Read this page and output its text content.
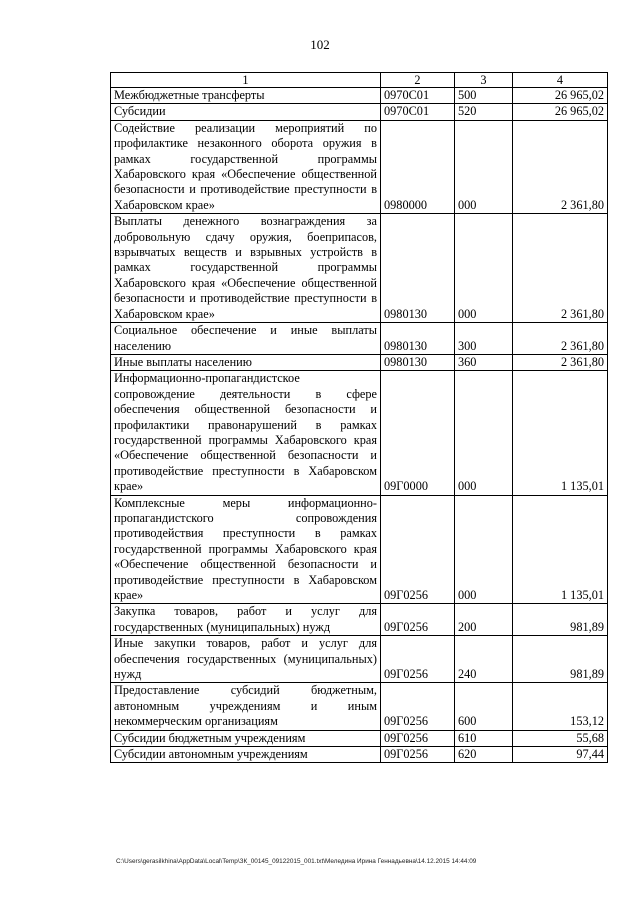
102
1	2	3	4
Межбюджетные трансферты	0970С01	500	26 965,02
Субсидии	0970С01	520	26 965,02
Содействие реализации мероприятий по профилактике незаконного оборота оружия в рамках государственной программы Хабаровского края «Обеспечение общественной безопасности и противодействие преступности в Хабаровском крае»	0980000	000	2 361,80
Выплаты денежного вознаграждения за добровольную сдачу оружия, боеприпасов, взрывчатых веществ и взрывных устройств в рамках государственной программы Хабаровского края «Обеспечение общественной безопасности и противодействие преступности в Хабаровском крае»	0980130	000	2 361,80
Социальное обеспечение и иные выплаты населению	0980130	300	2 361,80
Иные выплаты населению	0980130	360	2 361,80
Информационно-пропагандистское сопровождение деятельности в сфере обеспечения общественной безопасности и профилактики правонарушений в рамках государственной программы Хабаровского края «Обеспечение общественной безопасности и противодействие преступности в Хабаровском крае»	09Г0000	000	1 135,01
Комплексные меры информационно-пропагандистского сопровождения противодействия преступности в рамках государственной программы Хабаровского края «Обеспечение общественной безопасности и противодействие преступности в Хабаровском крае»	09Г0256	000	1 135,01
Закупка товаров, работ и услуг для государственных (муниципальных) нужд	09Г0256	200	981,89
Иные закупки товаров, работ и услуг для обеспечения государственных (муниципальных) нужд	09Г0256	240	981,89
Предоставление субсидий бюджетным, автономным учреждениям и иным некоммерческим организациям	09Г0256	600	153,12
Субсидии бюджетным учреждениям	09Г0256	610	55,68
Субсидии автономным учреждениям	09Г0256	620	97,44
C:\Users\gerasilkhina\AppData\Local\Temp\ЗК_00145_09122015_001.txt\Меледина Ирина Геннадьевна\14.12.2015 14:44:09
